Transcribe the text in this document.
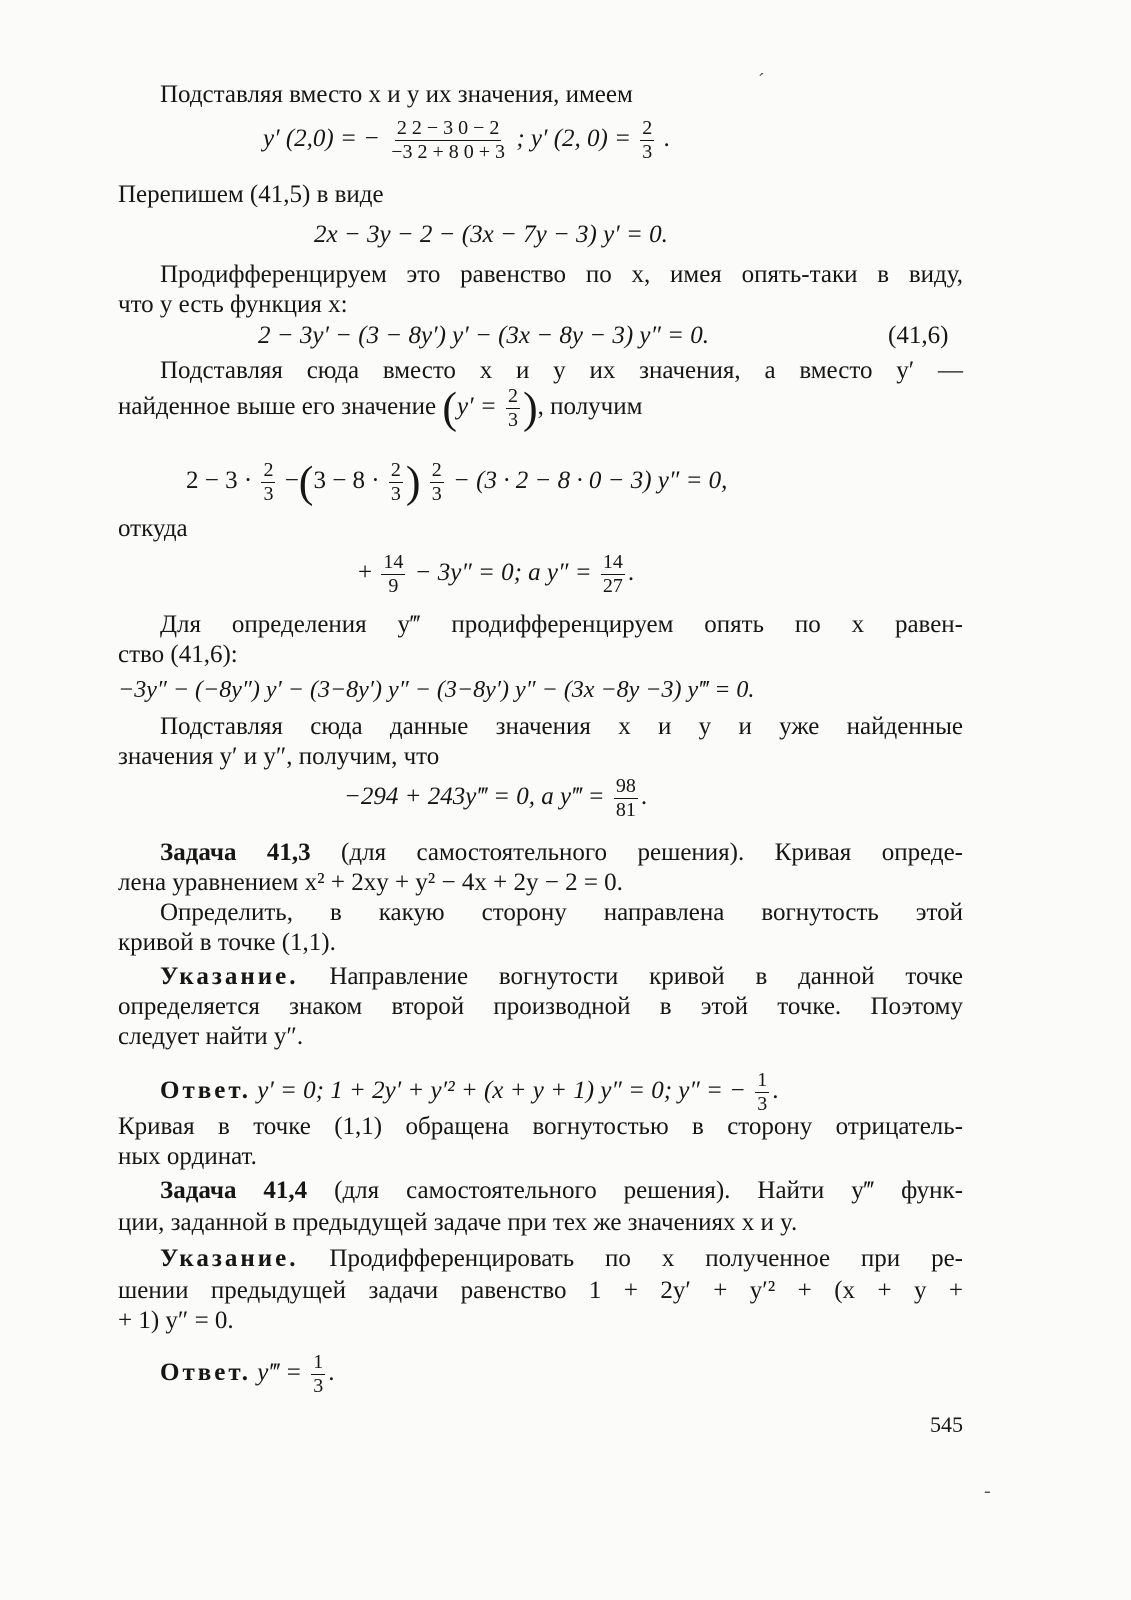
Подставляя вместо x и y их значения, имеем	ˊ
y′ (2,0) = − $\frac{2 2 - 3 0 - 2}{-3 2 + 8 0 + 3}$ ; y′ (2, $0) = \frac{2}{3}$ .
Перепишем (41,5) в виде
2x − 3y − 2 − (3x − 7y − 3) y′ = 0.
Продифференцируем это равенство по x, имея опять-таки в виду,
что y есть функция x:
2 − 3y′ − (3 − 8y′) y′ − (3x − 8y − 3) y″ = 0.	(41,6)
Подставляя сюда вместо x и y их значения, а вместо y′ —
найденное выше его значение ($y' = \frac{2}{3}$ ), получим
$2 - 3 \cdot \frac{2}{3} -(3 - 8 \cdot \frac{2}{3}$ ) $\frac{2}{3} - (3 \cdot 2 - 8 \cdot 0 - 3) y'' = 0$,
откуда
+ $\frac{14}{9} - 3y'' = 0$; а $y'' = \frac{14}{27}$ .
Для определения y‴ продифференцируем опять по x равен-
ство (41,6):
−3y″ − (−8y″) y′ − (3−8y′) y″ − (3−8y′) y″ − (3x −8y −3) y‴ = 0.
Подставляя сюда данные значения x и y и уже найденные
значения y′ и y″, получим, что
−294 + 243y‴ = 0, а y‴ = $\frac{98}{81}$ .
Задача 41,3 (для самостоятельного решения). Кривая опреде-
лена уравнением x² + 2xy + y² − 4x + 2y − 2 = 0.
Определить, в какую сторону направлена вогнутость этой
кривой в точке (1,1).
Указание. Направление вогнутости кривой в данной точке
определяется знаком второй производной в этой точке. Поэтому
следует найти y″.
Ответ. y′ = 0; 1 + 2y′ + y′² + (x + y + 1) y″ = 0; y″ = − $\frac{1}{3}$ .
Кривая в точке (1,1) обращена вогнутостью в сторону отрицатель-
ных ординат.
Задача 41,4 (для самостоятельного решения). Найти y‴ функ-
ции, заданной в предыдущей задаче при тех же значениях x и y.
Указание. Продифференцировать по x полученное при ре-
шении предыдущей задачи равенство 1 + 2y′ + y′² + (x + y +
+ 1) y″ = 0.
Ответ. y‴ = $\frac{1}{3}$ .
545
-
